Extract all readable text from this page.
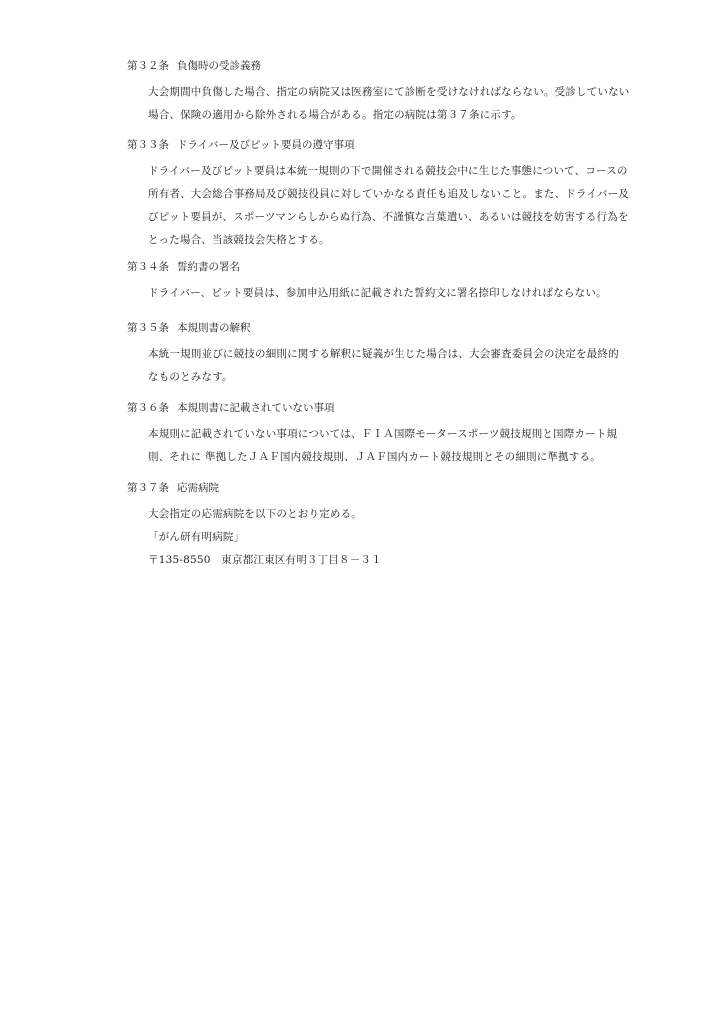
第３２条 負傷時の受診義務

大会期間中負傷した場合、指定の病院又は医務室にて診断を受けなければならない。受診していない

場合、保険の適用から除外される場合がある。指定の病院は第３７条に示す。

第３３条 ドライバー及びピット要員の遵守事項

ドライバー及びピット要員は本統一規則の下で開催される競技会中に生じた事態について、コースの

所有者、大会総合事務局及び競技役員に対していかなる責任も追及しないこと。また、ドライバー及

びピット要員が、スポーツマンらしからぬ行為、不謹慎な言葉遣い、あるいは競技を妨害する行為を

とった場合、当該競技会失格とする。

第３４条 誓約書の署名

ドライバー、ピット要員は、参加申込用紙に記載された誓約文に署名捺印しなければならない。

第３５条 本規則書の解釈

本統一規則並びに競技の細則に関する解釈に疑義が生じた場合は、大会審査委員会の決定を最終的

なものとみなす。

第３６条 本規則書に記載されていない事項

本規則に記載されていない事項については、ＦＩＡ国際モータースポーツ競技規則と国際カート規

則、それに 準拠したＪＡＦ国内競技規則、ＪＡＦ国内カート競技規則とその細則に準拠する。

第３７条 応需病院

大会指定の応需病院を以下のとおり定める。

「がん研有明病院」

〒135-8550　東京都江東区有明３丁目８－３１
